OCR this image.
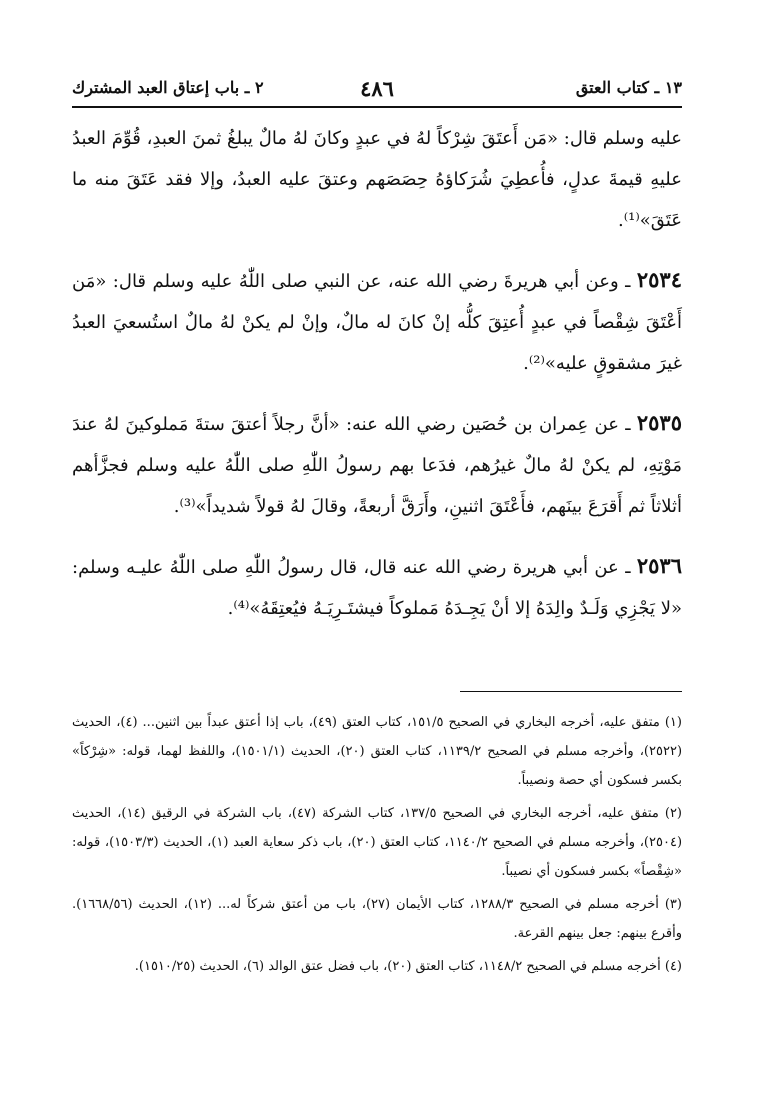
١٣ ـ كتاب العتق
٤٨٦
٢ ـ باب إعتاق العبد المشترك

عليه وسلم قال: «مَن أَعتَقَ شِرْكاً لهُ في عبدٍ وكانَ لهُ مالٌ يبلغُ ثمنَ العبدِ، قُوِّمَ العبدُ عليهِ قيمةَ عدلٍ، فأُعطِيَ شُرَكاؤهُ حِصَصَهم وعتقَ عليه العبدُ، وإلا فقد عَتَقَ منه ما عَتَقَ»⁽¹⁾.

٢٥٣٤ ـ وعن أبي هريرةَ رضي الله عنه، عن النبي صلى اللّٰهُ عليه وسلم قال: «مَن أَعْتَقَ شِقْصاً في عبدٍ أُعتِقَ كلُّه إنْ كانَ له مالٌ، وإنْ لم يكنْ لهُ مالٌ استُسعيَ العبدُ غيرَ مشقوقٍ عليه»⁽²⁾.

٢٥٣٥ ـ عن عِمران بن حُصَين رضي الله عنه: «أنَّ رجلاً أعتقَ ستةَ مَملوكينَ لهُ عندَ مَوْتِهِ، لم يكنْ لهُ مالٌ غيرُهم، فدَعا بهم رسولُ اللّٰهِ صلى اللّٰهُ عليه وسلم فجزَّأهم أثلاثاً ثم أَقرَعَ بينَهم، فأَعْتَقَ اثنينِ، وأَرَقَّ أربعةً، وقالَ لهُ قولاً شديداً»⁽³⁾.

٢٥٣٦ ـ عن أبي هريرة رضي الله عنه قال، قال رسولُ اللّٰهِ صلى اللّٰهُ عليـه وسلم: «لا يَجْزِي وَلَـدٌ والِدَهُ إلا أنْ يَجِـدَهُ مَملوكاً فيشتَـرِيَـهُ فيُعتِقَهُ»⁽⁴⁾.

(١) متفق عليه، أخرجه البخاري في الصحيح ١٥١/٥، كتاب العتق (٤٩)، باب إذا أعتق عبداً بين اثنين... (٤)، الحديث (٢٥٢٢)، وأخرجه مسلم في الصحيح ١١٣٩/٢، كتاب العتق (٢٠)، الحديث (١٥٠١/١)، واللفظ لهما، قوله: «شِرْكاً» بكسر فسكون أي حصة ونصيباً.

(٢) متفق عليه، أخرجه البخاري في الصحيح ١٣٧/٥، كتاب الشركة (٤٧)، باب الشركة في الرقيق (١٤)، الحديث (٢٥٠٤)، وأخرجه مسلم في الصحيح ١١٤٠/٢، كتاب العتق (٢٠)، باب ذكر سعاية العبد (١)، الحديث (١٥٠٣/٣)، قوله: «شِقْصاً» بكسر فسكون أي نصيباً.

(٣) أخرجه مسلم في الصحيح ١٢٨٨/٣، كتاب الأيمان (٢٧)، باب من أعتق شركاً له... (١٢)، الحديث (١٦٦٨/٥٦). وأقرع بينهم: جعل بينهم القرعة.

(٤) أخرجه مسلم في الصحيح ١١٤٨/٢، كتاب العتق (٢٠)، باب فضل عتق الوالد (٦)، الحديث (١٥١٠/٢٥).
